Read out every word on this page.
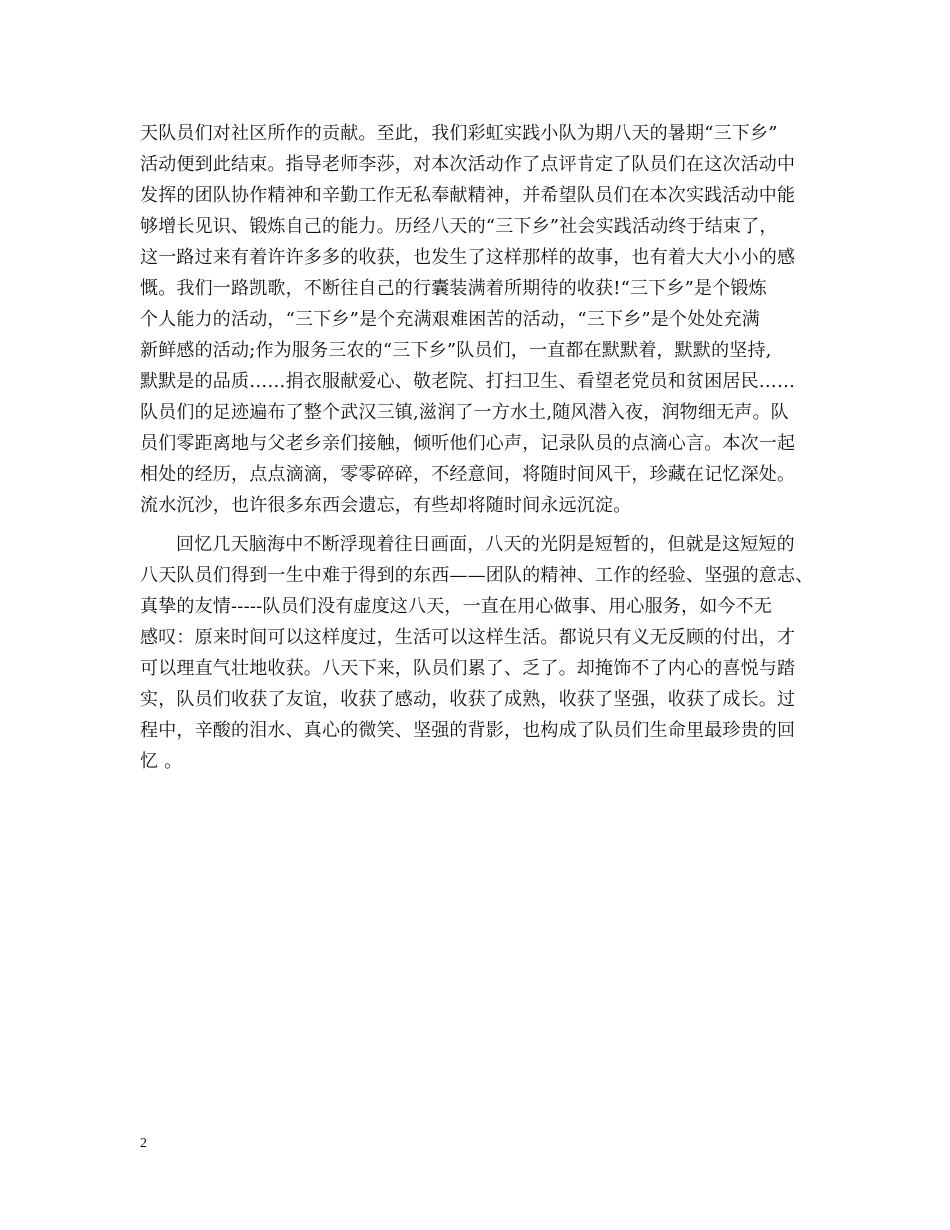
天队员们对社区所作的贡献。至此，我们彩虹实践小队为期八天的暑期“三下乡”
活动便到此结束。指导老师李莎，对本次活动作了点评肯定了队员们在这次活动中
发挥的团队协作精神和辛勤工作无私奉献精神，并希望队员们在本次实践活动中能
够增长见识、锻炼自己的能力。历经八天的“三下乡”社会实践活动终于结束了，
这一路过来有着许许多多的收获，也发生了这样那样的故事，也有着大大小小的感
慨。我们一路凯歌，不断往自己的行囊装满着所期待的收获!“三下乡”是个锻炼
个人能力的活动，“三下乡”是个充满艰难困苦的活动，“三下乡”是个处处充满
新鲜感的活动;作为服务三农的“三下乡”队员们，一直都在默默着，默默的坚持,
默默是的品质……捐衣服献爱心、敬老院、打扫卫生、看望老党员和贫困居民……
队员们的足迹遍布了整个武汉三镇,滋润了一方水土,随风潜入夜，润物细无声。队
员们零距离地与父老乡亲们接触，倾听他们心声，记录队员的点滴心言。本次一起
相处的经历，点点滴滴，零零碎碎，不经意间，将随时间风干，珍藏在记忆深处。
流水沉沙，也许很多东西会遗忘，有些却将随时间永远沉淀。
回忆几天脑海中不断浮现着往日画面，八天的光阴是短暂的，但就是这短短的
八天队员们得到一生中难于得到的东西——团队的精神、工作的经验、坚强的意志、
真挚的友情-----队员们没有虚度这八天，一直在用心做事、用心服务，如今不无
感叹：原来时间可以这样度过，生活可以这样生活。都说只有义无反顾的付出，才
可以理直气壮地收获。八天下来，队员们累了、乏了。却掩饰不了内心的喜悦与踏
实，队员们收获了友谊，收获了感动，收获了成熟，收获了坚强，收获了成长。过
程中，辛酸的泪水、真心的微笑、坚强的背影，也构成了队员们生命里最珍贵的回
忆 。
2
